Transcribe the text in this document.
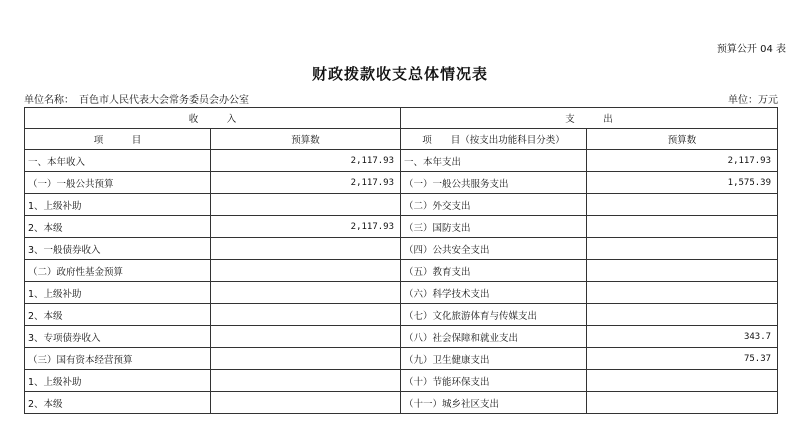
预算公开 04 表
财政拨款收支总体情况表
单位名称：　百色市人民代表大会常务委员会办公室	单位：万元
收　　　入		支　　　出	
项　　　目	预算数	项　　目（按支出功能科目分类）	预算数
一、本年收入	2,117.93	一、本年支出	2,117.93
（一）一般公共预算	2,117.93	（一）一般公共服务支出	1,575.39
1、上级补助		（二）外交支出	
2、本级	2,117.93	（三）国防支出	
3、一般债券收入		（四）公共安全支出	
（二）政府性基金预算		（五）教育支出	
1、上级补助		（六）科学技术支出	
2、本级		（七）文化旅游体育与传媒支出	
3、专项债券收入		（八）社会保障和就业支出	343.7
（三）国有资本经营预算		（九）卫生健康支出	75.37
1、上级补助		（十）节能环保支出	
2、本级		（十一）城乡社区支出	
